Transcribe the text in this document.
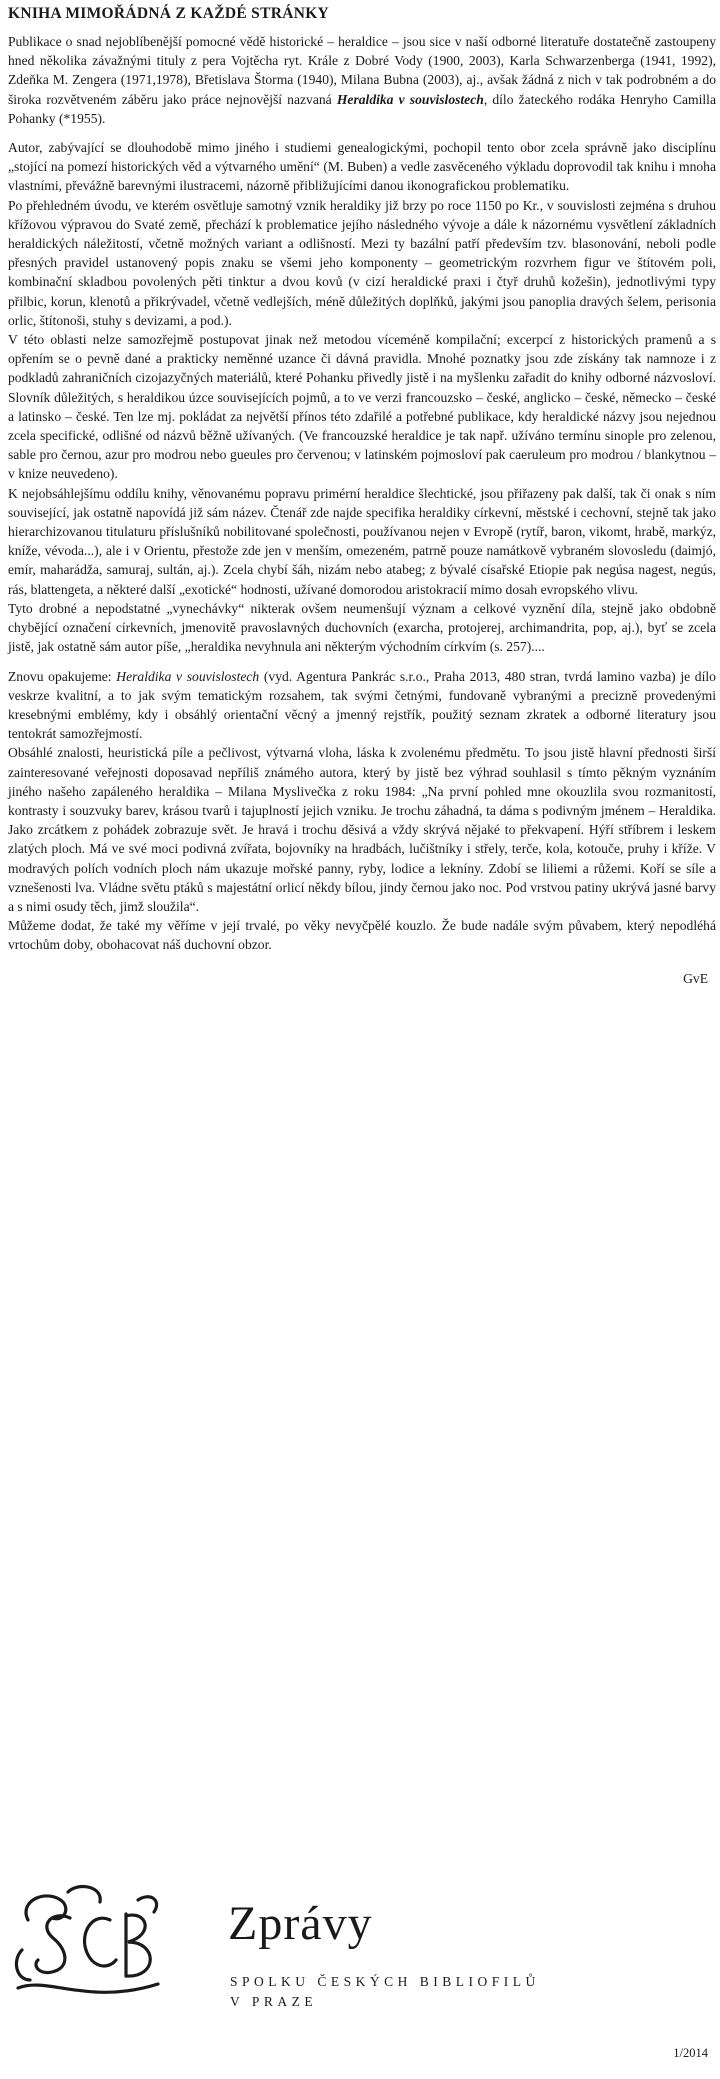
KNIHA MIMOŘÁDNÁ Z KAŽDÉ STRÁNKY

Publikace o snad nejoblíbenější pomocné vědě historické – heraldice – jsou sice v naší odborné literatuře dostatečně zastoupeny hned několika závažnými tituly z pera Vojtěcha ryt. Krále z Dobré Vody (1900, 2003), Karla Schwarzenberga (1941, 1992), Zdeňka M. Zengera (1971,1978), Břetislava Štorma (1940), Milana Bubna (2003), aj., avšak žádná z nich v tak podrobném a do široka rozvětveném záběru jako práce nejnovější nazvaná Heraldika v souvislostech, dílo žateckého rodáka Henryho Camilla Pohanky (*1955).

Autor, zabývající se dlouhodobě mimo jiného i studiemi genealogickými, pochopil tento obor zcela správně jako disciplínu „stojící na pomezí historických věd a výtvarného umění“ (M. Buben) a vedle zasvěceného výkladu doprovodil tak knihu i mnoha vlastními, převážně barevnými ilustracemi, názorně přibližujícími danou ikonografickou problematiku.

Po přehledném úvodu, ve kterém osvětluje samotný vznik heraldiky již brzy po roce 1150 po Kr., v souvislosti zejména s druhou křížovou výpravou do Svaté země, přechází k problematice jejího následného vývoje a dále k názornému vysvětlení základních heraldických náležitostí, včetně možných variant a odlišností. Mezi ty bazální patří především tzv. blasonování, neboli podle přesných pravidel ustanovený popis znaku se všemi jeho komponenty – geometrickým rozvrhem figur ve štítovém poli, kombinační skladbou povolených pěti tinktur a dvou kovů (v cizí heraldické praxi i čtyř druhů kožešin), jednotlivými typy přilbic, korun, klenotů a přikrývadel, včetně vedlejších, méně důležitých doplňků, jakými jsou panoplia dravých šelem, perisonia orlic, štítonoši, stuhy s devizami, a pod.).

V této oblasti nelze samozřejmě postupovat jinak než metodou víceméně kompilační; excerpcí z historických pramenů a s opřením se o pevně dané a prakticky neměnné uzance či dávná pravidla. Mnohé poznatky jsou zde získány tak namnoze i z podkladů zahraničních cizojazyčných materiálů, které Pohanku přivedly jistě i na myšlenku zařadit do knihy odborné názvosloví. Slovník důležitých, s heraldikou úzce souvisejících pojmů, a to ve verzi francouzsko – české, anglicko – české, německo – české a latinsko – české. Ten lze mj. pokládat za největší přínos této zdařilé a potřebné publikace, kdy heraldické názvy jsou nejednou zcela specifické, odlišné od názvů běžně užívaných. (Ve francouzské heraldice je tak např. užíváno termínu sinople pro zelenou, sable pro černou, azur pro modrou nebo gueules pro červenou; v latinském pojmosloví pak caeruleum pro modrou / blankytnou – v knize neuvedeno).

K nejobsáhlejšímu oddílu knihy, věnovanému popravu primérní heraldice šlechtické, jsou přiřazeny pak další, tak či onak s ním související, jak ostatně napovídá již sám název. Čtenář zde najde specifika heraldiky církevní, městské i cechovní, stejně tak jako hierarchizovanou titulaturu příslušníků nobilitované společnosti, používanou nejen v Evropě (rytíř, baron, vikomt, hrabě, markýz, kníže, vévoda...), ale i v Orientu, přestože zde jen v menším, omezeném, patrně pouze namátkově vybraném slovosledu (daimjó, emír, maharádža, samuraj, sultán, aj.). Zcela chybí šáh, nizám nebo atabeg; z bývalé císařské Etiopie pak negúsa nagest, negús, rás, blattengeta, a některé další „exotické“ hodnosti, užívané domorodou aristokracií mimo dosah evropského vlivu.

Tyto drobné a nepodstatné „vynechávky“ nikterak ovšem neumenšují význam a celkové vyznění díla, stejně jako obdobně chybějící označení církevních, jmenovitě pravoslavných duchovních (exarcha, protojerej, archimandrita, pop, aj.), byť se zcela jistě, jak ostatně sám autor píše, „heraldika nevyhnula ani některým východním církvím (s. 257)....

Znovu opakujeme: Heraldika v souvislostech (vyd. Agentura Pankrác s.r.o., Praha 2013, 480 stran, tvrdá lamino vazba) je dílo veskrze kvalitní, a to jak svým tematickým rozsahem, tak svými četnými, fundovaně vybranými a precizně provedenými kresebnými emblémy, kdy i obsáhlý orientační věcný a jmenný rejstřík, použitý seznam zkratek a odborné literatury jsou tentokrát samozřejmostí.

Obsáhlé znalosti, heuristická píle a pečlivost, výtvarná vloha, láska k zvolenému předmětu. To jsou jistě hlavní přednosti širší zainteresované veřejnosti doposavad nepříliš známého autora, který by jistě bez výhrad souhlasil s tímto pěkným vyznáním jiného našeho zapáleného heraldika – Milana Myslivečka z roku 1984: „Na první pohled mne okouzlila svou rozmanitostí, kontrasty i souzvuky barev, krásou tvarů i tajuplností jejich vzniku. Je trochu záhadná, ta dáma s podivným jménem – Heraldika. Jako zrcátkem z pohádek zobrazuje svět. Je hravá i trochu děsivá a vždy skrývá nějaké to překvapení. Hýří stříbrem i leskem zlatých ploch. Má ve své moci podivná zvířata, bojovníky na hradbách, lučištníky i střely, terče, kola, kotouče, pruhy i kříže. V modravých polích vodních ploch nám ukazuje mořské panny, ryby, lodice a lekníny. Zdobí se liliemi a růžemi. Koří se síle a vznešenosti lva. Vládne světu ptáků s majestátní orlicí někdy bílou, jindy černou jako noc. Pod vrstvou patiny ukrývá jasné barvy a s nimi osudy těch, jimž sloužila“.

Můžeme dodat, že také my věříme v její trvalé, po věky nevyčpělé kouzlo. Že bude nadále svým půvabem, který nepodléhá vrtochům doby, obohacovat náš duchovní obzor.

GvE
Zprávy
SPOLKU ČESKÝCH BIBLIOFILŮ
V PRAZE
1/2014
